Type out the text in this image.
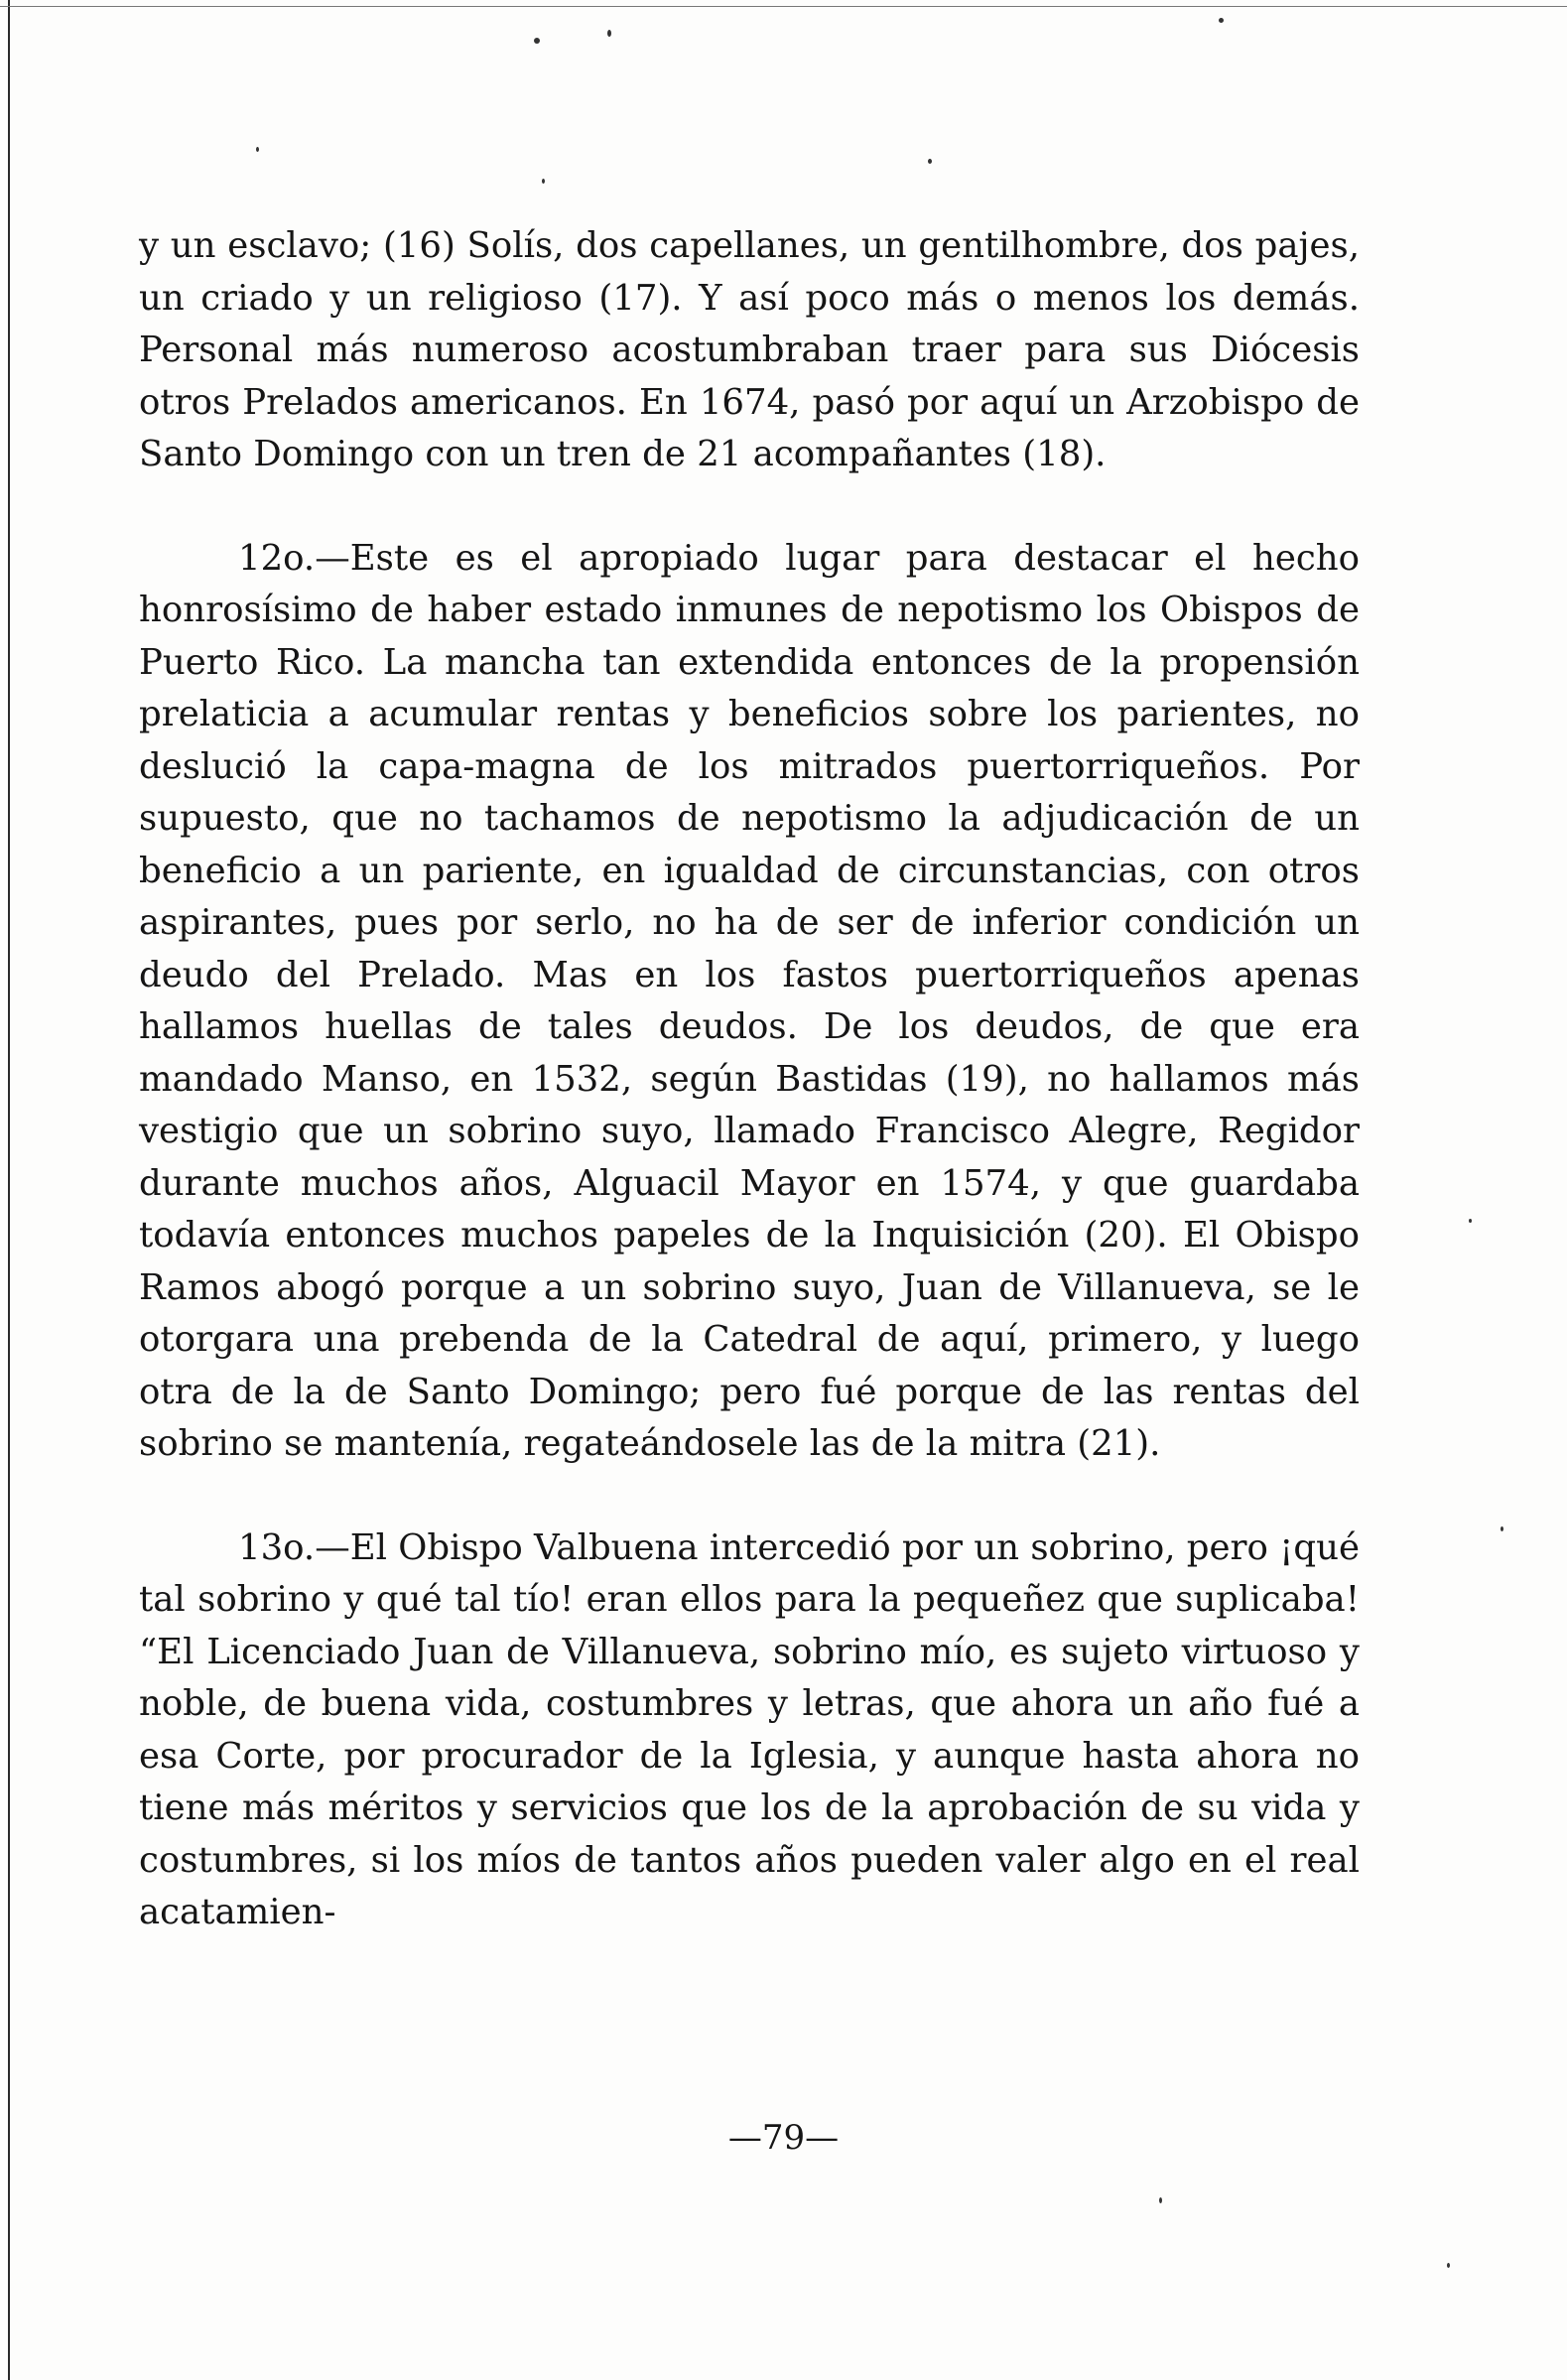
y un esclavo; (16) Solís, dos capellanes, un gentilhombre, dos pajes, un criado y un religioso (17). Y así poco más o menos los demás. Personal más numeroso acostumbraban traer para sus Diócesis otros Prelados americanos. En 1674, pasó por aquí un Arzobispo de Santo Domingo con un tren de 21 acompañantes (18).

12o.—Este es el apropiado lugar para destacar el hecho honrosísimo de haber estado inmunes de nepotismo los Obispos de Puerto Rico. La mancha tan extendida entonces de la propensión prelaticia a acumular rentas y beneficios sobre los parientes, no deslució la capa-magna de los mitrados puertorriqueños. Por supuesto, que no tachamos de nepotismo la adjudicación de un beneficio a un pariente, en igualdad de circunstancias, con otros aspirantes, pues por serlo, no ha de ser de inferior condición un deudo del Prelado. Mas en los fastos puertorriqueños apenas hallamos huellas de tales deudos. De los deudos, de que era mandado Manso, en 1532, según Bastidas (19), no hallamos más vestigio que un sobrino suyo, llamado Francisco Alegre, Regidor durante muchos años, Alguacil Mayor en 1574, y que guardaba todavía entonces muchos papeles de la Inquisición (20). El Obispo Ramos abogó porque a un sobrino suyo, Juan de Villanueva, se le otorgara una prebenda de la Catedral de aquí, primero, y luego otra de la de Santo Domingo; pero fué porque de las rentas del sobrino se mantenía, regateándosele las de la mitra (21).

13o.—El Obispo Valbuena intercedió por un sobrino, pero ¡qué tal sobrino y qué tal tío! eran ellos para la pequeñez que suplicaba! “El Licenciado Juan de Villanueva, sobrino mío, es sujeto virtuoso y noble, de buena vida, costumbres y letras, que ahora un año fué a esa Corte, por procurador de la Iglesia, y aunque hasta ahora no tiene más méritos y servicios que los de la aprobación de su vida y costumbres, si los míos de tantos años pueden valer algo en el real acatamien-

—79—
